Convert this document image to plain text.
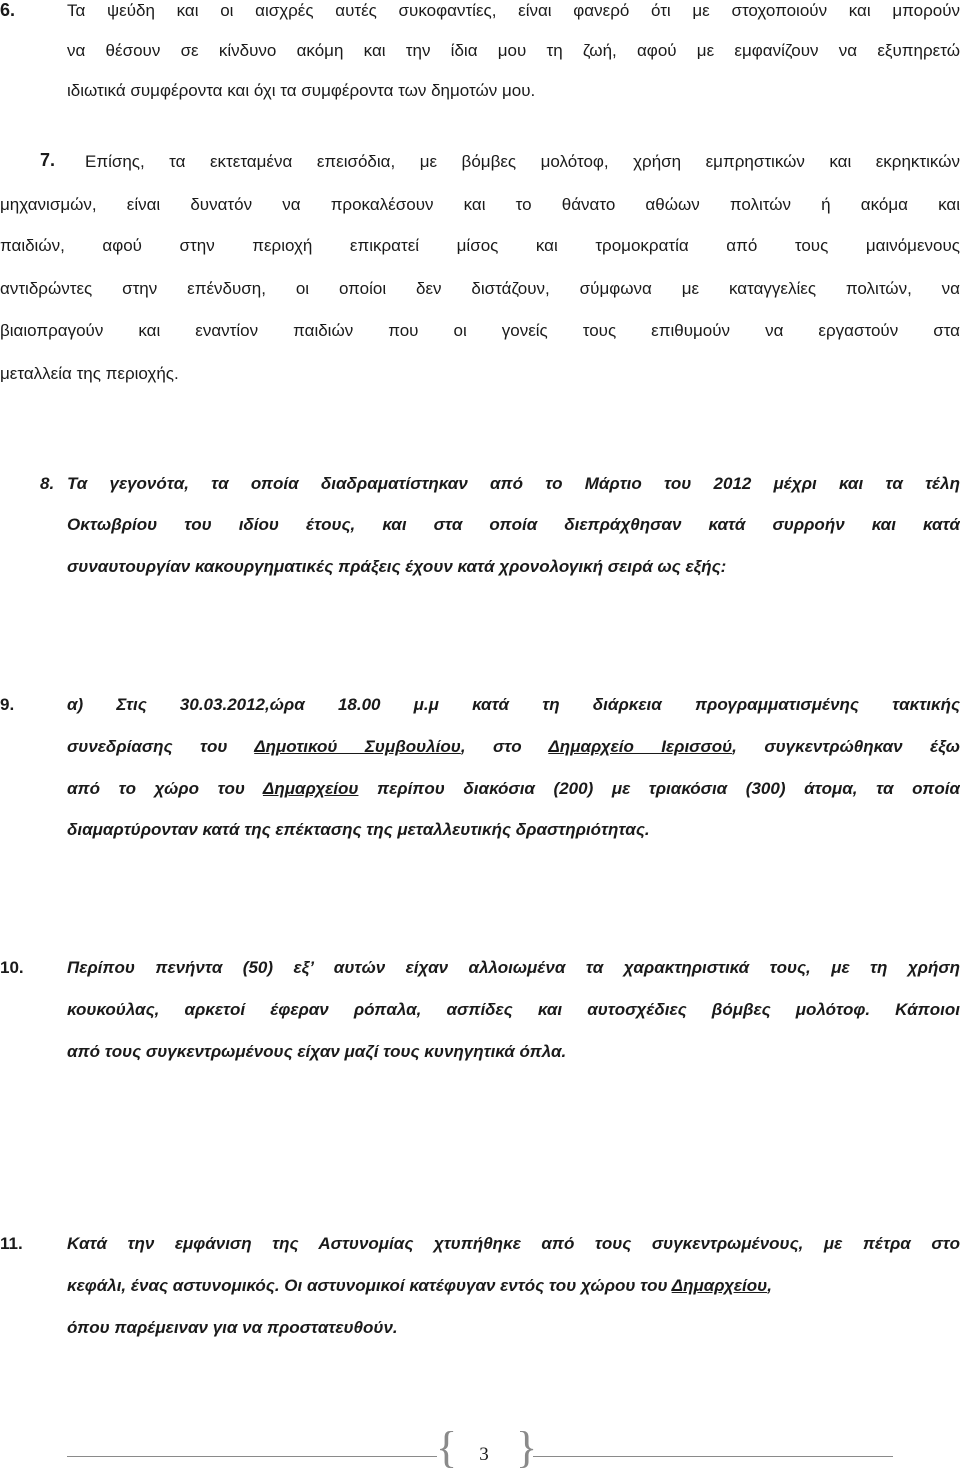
6.	Τα ψεύδη και οι αισχρές αυτές συκοφαντίες, είναι φανερό ότι με στοχοποιούν και μπορούν
να θέσουν σε κίνδυνο ακόμη και την ίδια μου τη ζωή, αφού με εμφανίζουν να εξυπηρετώ
ιδιωτικά συμφέροντα και όχι τα συμφέροντα των δημοτών μου.
7. Επίσης, τα εκτεταμένα επεισόδια, με βόμβες μολότοφ, χρήση εμπρηστικών και εκρηκτικών
μηχανισμών, είναι δυνατόν να προκαλέσουν και το θάνατο αθώων πολιτών ή ακόμα και
παιδιών, αφού στην περιοχή επικρατεί μίσος και τρομοκρατία από τους μαινόμενους
αντιδρώντες στην επένδυση, οι οποίοι δεν διστάζουν, σύμφωνα με καταγγελίες πολιτών, να
βιαιοπραγούν και εναντίον παιδιών που οι γονείς τους επιθυμούν να εργαστούν στα
μεταλλεία της περιοχής.
8. Τα γεγονότα, τα οποία διαδραματίστηκαν από το Μάρτιο του 2012 μέχρι και τα τέλη
Οκτωβρίου του ιδίου έτους, και στα οποία διεπράχθησαν κατά συρροήν και κατά
συναυτουργίαν κακουργηματικές πράξεις έχουν κατά χρονολογική σειρά ως εξής:
9.	α) Στις 30.03.2012,ώρα 18.00 μ.μ κατά τη διάρκεια προγραμματισμένης τακτικής
συνεδρίασης του Δημοτικού Συμβουλίου, στο Δημαρχείο Ιερισσού, συγκεντρώθηκαν έξω
από το χώρο του Δημαρχείου περίπου διακόσια (200) με τριακόσια (300) άτομα, τα οποία
διαμαρτύρονταν κατά της επέκτασης της μεταλλευτικής δραστηριότητας.
10.	Περίπου πενήντα (50) εξ’ αυτών είχαν αλλοιωμένα τα χαρακτηριστικά τους, με τη χρήση
κουκούλας, αρκετοί έφεραν ρόπαλα, ασπίδες και αυτοσχέδιες βόμβες μολότοφ. Κάποιοι
από τους συγκεντρωμένους είχαν μαζί τους κυνηγητικά όπλα.
11.	Κατά την εμφάνιση της Αστυνομίας χτυπήθηκε από τους συγκεντρωμένους, με πέτρα στο
κεφάλι, ένας αστυνομικός. Οι αστυνομικοί κατέφυγαν εντός του χώρου του Δημαρχείου,
όπου παρέμειναν για να προστατευθούν.
{ 3 }
